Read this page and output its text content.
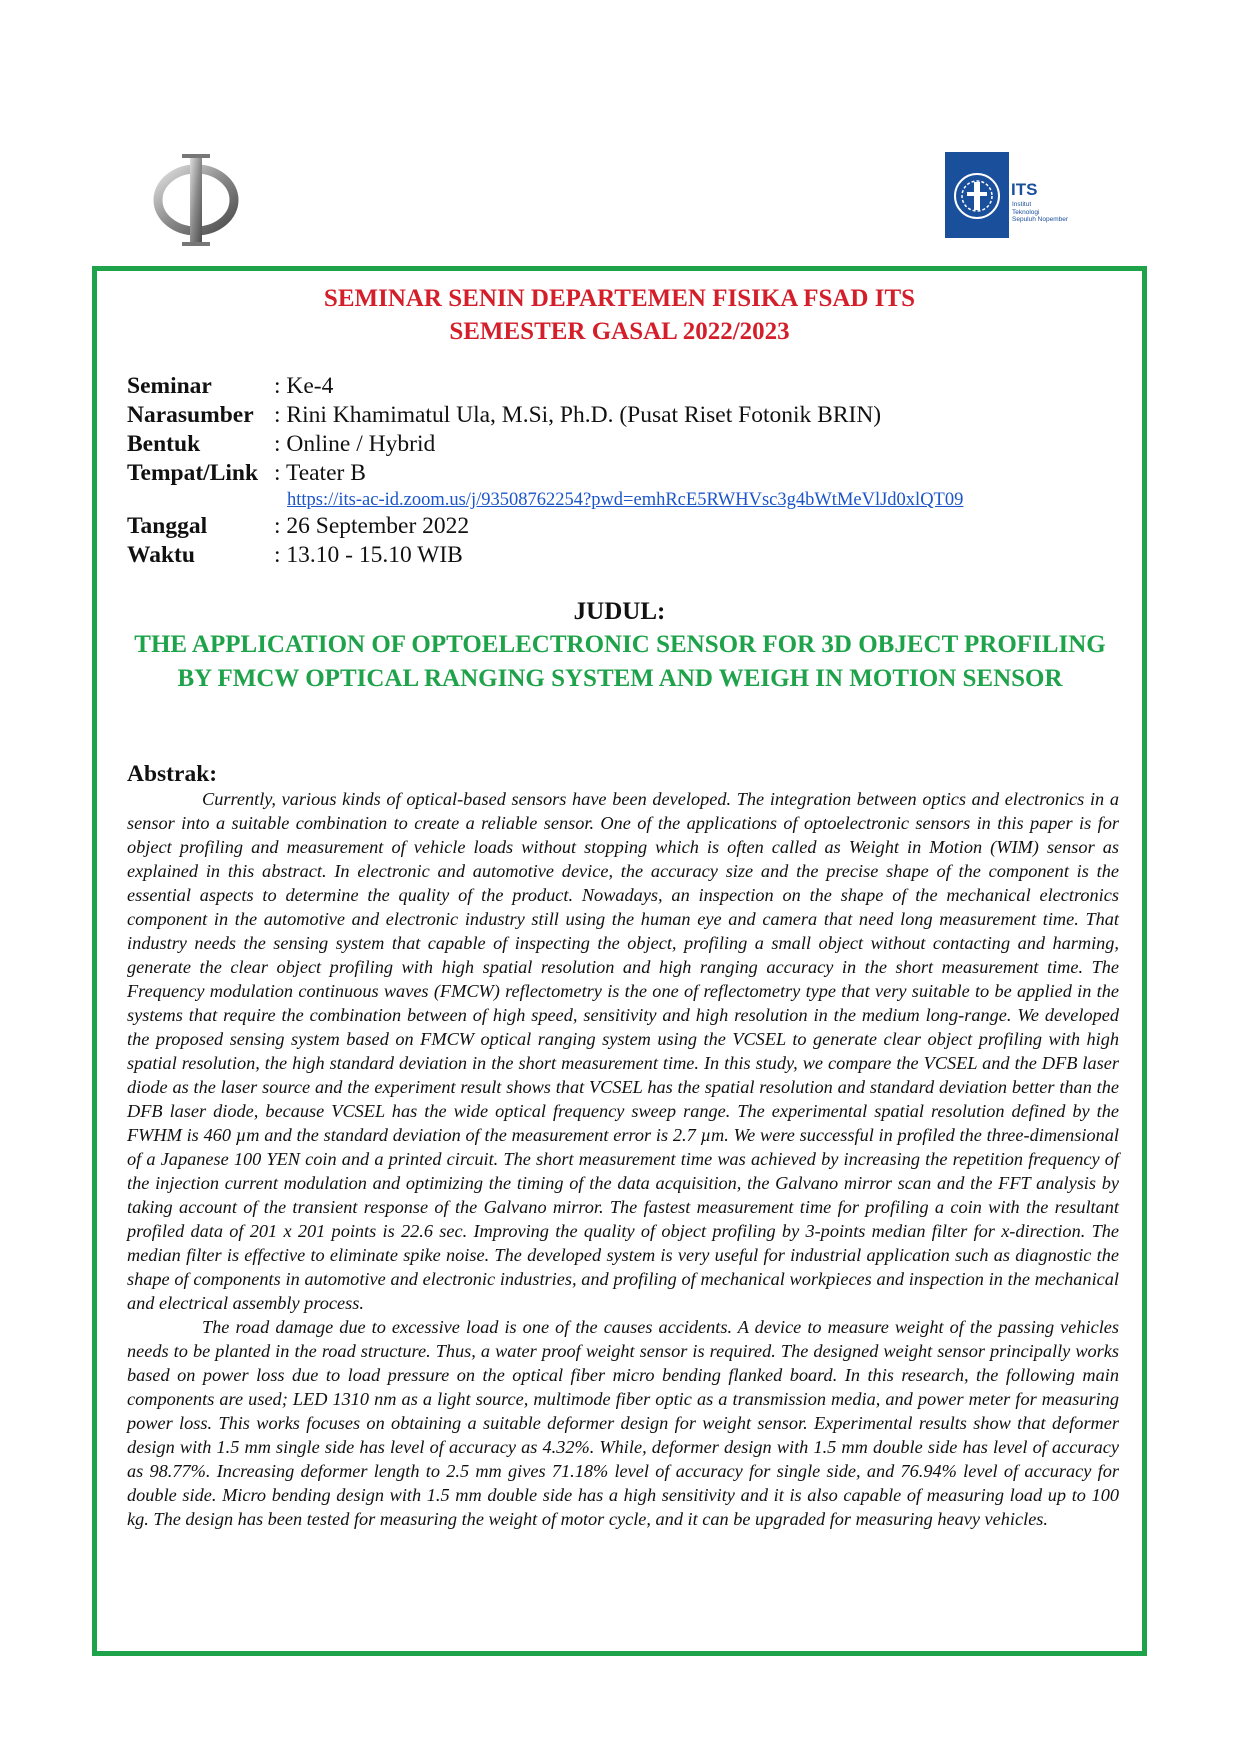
ITS
Institut
Teknologi
Sepuluh Nopember
SEMINAR SENIN DEPARTEMEN FISIKA FSAD ITS
SEMESTER GASAL 2022/2023
Seminar	: Ke-4
Narasumber : Rini Khamimatul Ula, M.Si, Ph.D. (Pusat Riset Fotonik BRIN)
Bentuk	: Online / Hybrid
Tempat/Link : Teater B
https://its-ac-id.zoom.us/j/93508762254?pwd=emhRcE5RWHVsc3g4bWtMeVlJd0xlQT09
Tanggal	: 26 September 2022
Waktu	: 13.10 - 15.10 WIB
JUDUL:
THE APPLICATION OF OPTOELECTRONIC SENSOR FOR 3D OBJECT PROFILING BY FMCW OPTICAL RANGING SYSTEM AND WEIGH IN MOTION SENSOR
Abstrak:

Currently, various kinds of optical-based sensors have been developed. The integration between optics and electronics in a sensor into a suitable combination to create a reliable sensor. One of the applications of optoelectronic sensors in this paper is for object profiling and measurement of vehicle loads without stopping which is often called as Weight in Motion (WIM) sensor as explained in this abstract. In electronic and automotive device, the accuracy size and the precise shape of the component is the essential aspects to determine the quality of the product. Nowadays, an inspection on the shape of the mechanical electronics component in the automotive and electronic industry still using the human eye and camera that need long measurement time. That industry needs the sensing system that capable of inspecting the object, profiling a small object without contacting and harming, generate the clear object profiling with high spatial resolution and high ranging accuracy in the short measurement time. The Frequency modulation continuous waves (FMCW) reflectometry is the one of reflectometry type that very suitable to be applied in the systems that require the combination between of high speed, sensitivity and high resolution in the medium long-range. We developed the proposed sensing system based on FMCW optical ranging system using the VCSEL to generate clear object profiling with high spatial resolution, the high standard deviation in the short measurement time. In this study, we compare the VCSEL and the DFB laser diode as the laser source and the experiment result shows that VCSEL has the spatial resolution and standard deviation better than the DFB laser diode, because VCSEL has the wide optical frequency sweep range. The experimental spatial resolution defined by the FWHM is 460 µm and the standard deviation of the measurement error is 2.7 µm. We were successful in profiled the three-dimensional of a Japanese 100 YEN coin and a printed circuit. The short measurement time was achieved by increasing the repetition frequency of the injection current modulation and optimizing the timing of the data acquisition, the Galvano mirror scan and the FFT analysis by taking account of the transient response of the Galvano mirror. The fastest measurement time for profiling a coin with the resultant profiled data of 201 x 201 points is 22.6 sec. Improving the quality of object profiling by 3-points median filter for x-direction. The median filter is effective to eliminate spike noise. The developed system is very useful for industrial application such as diagnostic the shape of components in automotive and electronic industries, and profiling of mechanical workpieces and inspection in the mechanical and electrical assembly process.

The road damage due to excessive load is one of the causes accidents. A device to measure weight of the passing vehicles needs to be planted in the road structure. Thus, a water proof weight sensor is required. The designed weight sensor principally works based on power loss due to load pressure on the optical fiber micro bending flanked board. In this research, the following main components are used; LED 1310 nm as a light source, multimode fiber optic as a transmission media, and power meter for measuring power loss. This works focuses on obtaining a suitable deformer design for weight sensor. Experimental results show that deformer design with 1.5 mm single side has level of accuracy as 4.32%. While, deformer design with 1.5 mm double side has level of accuracy as 98.77%. Increasing deformer length to 2.5 mm gives 71.18% level of accuracy for single side, and 76.94% level of accuracy for double side. Micro bending design with 1.5 mm double side has a high sensitivity and it is also capable of measuring load up to 100 kg. The design has been tested for measuring the weight of motor cycle, and it can be upgraded for measuring heavy vehicles.
